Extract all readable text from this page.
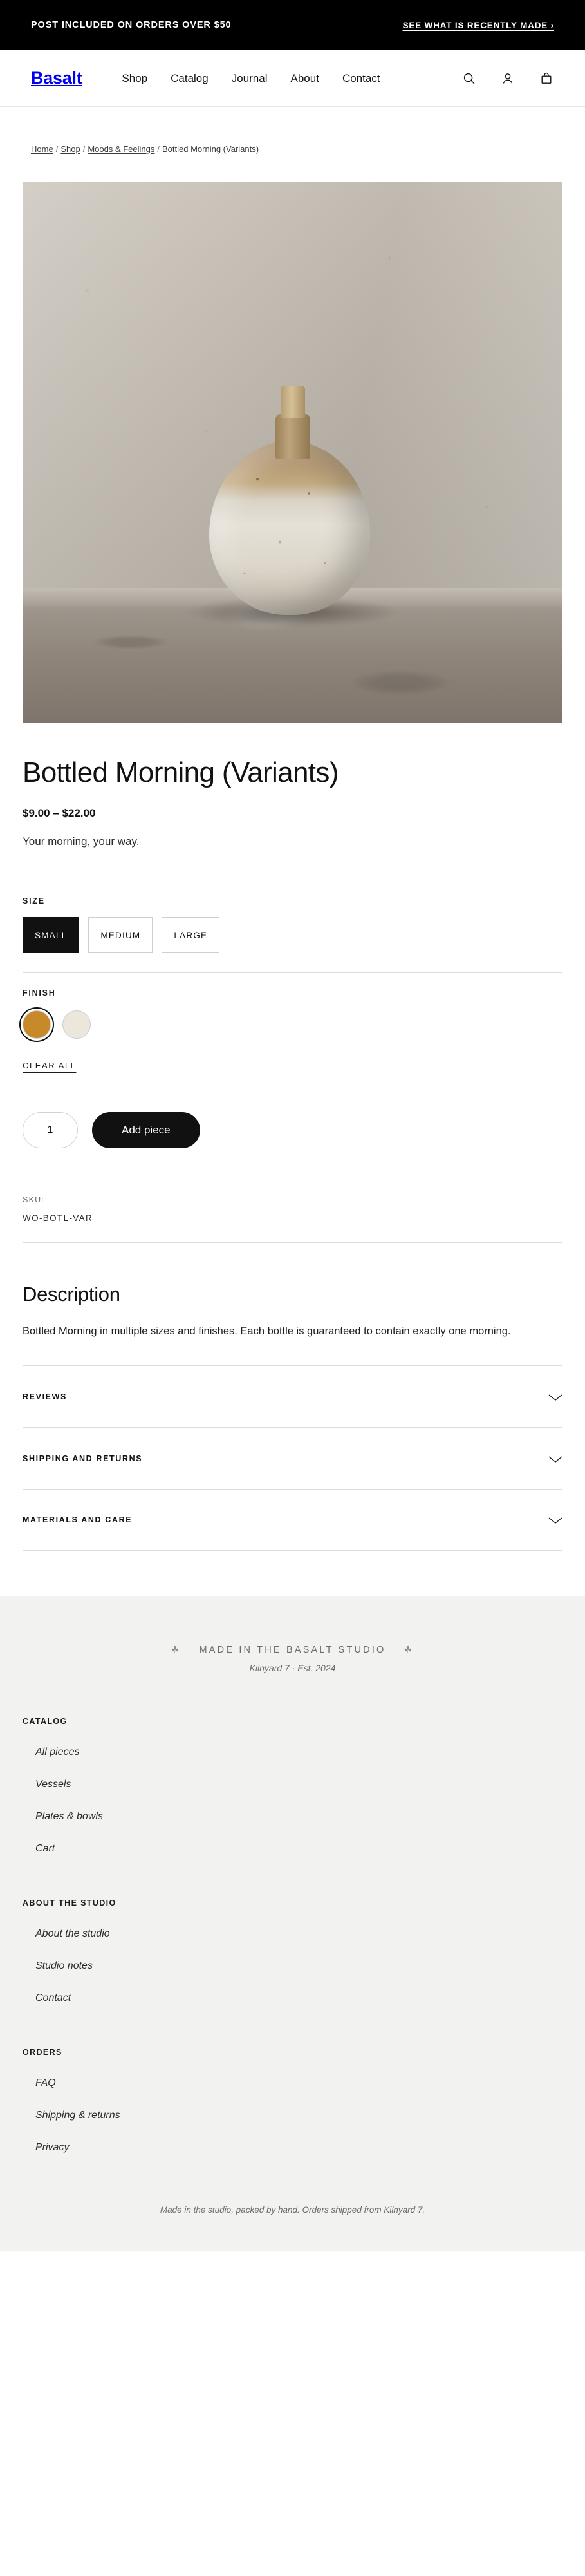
POST INCLUDED ON ORDERS OVER $50	SEE WHAT IS RECENTLY MADE ›
Basalt	Shop Catalog Journal About Contact
Home / Shop / Moods & Feelings / Bottled Morning (Variants)
Bottled Morning (Variants)
$9.00 – $22.00
Your morning, your way.
SIZE
SMALL	MEDIUM	LARGE
FINISH
CLEAR ALL
1	Add piece
SKU:
WO-BOTL-VAR
Description

Bottled Morning in multiple sizes and finishes. Each bottle is guaranteed to contain exactly one morning.

REVIEWS
SHIPPING AND RETURNS
MATERIALS AND CARE
☘ MADE IN THE BASALT STUDIO ☘
Kilnyard 7 · Est. 2024
CATALOG
All pieces
Vessels
Plates & bowls
Cart
ABOUT THE STUDIO
About the studio
Studio notes
Contact
ORDERS
FAQ
Shipping & returns
Privacy
Made in the studio, packed by hand. Orders shipped from Kilnyard 7.
